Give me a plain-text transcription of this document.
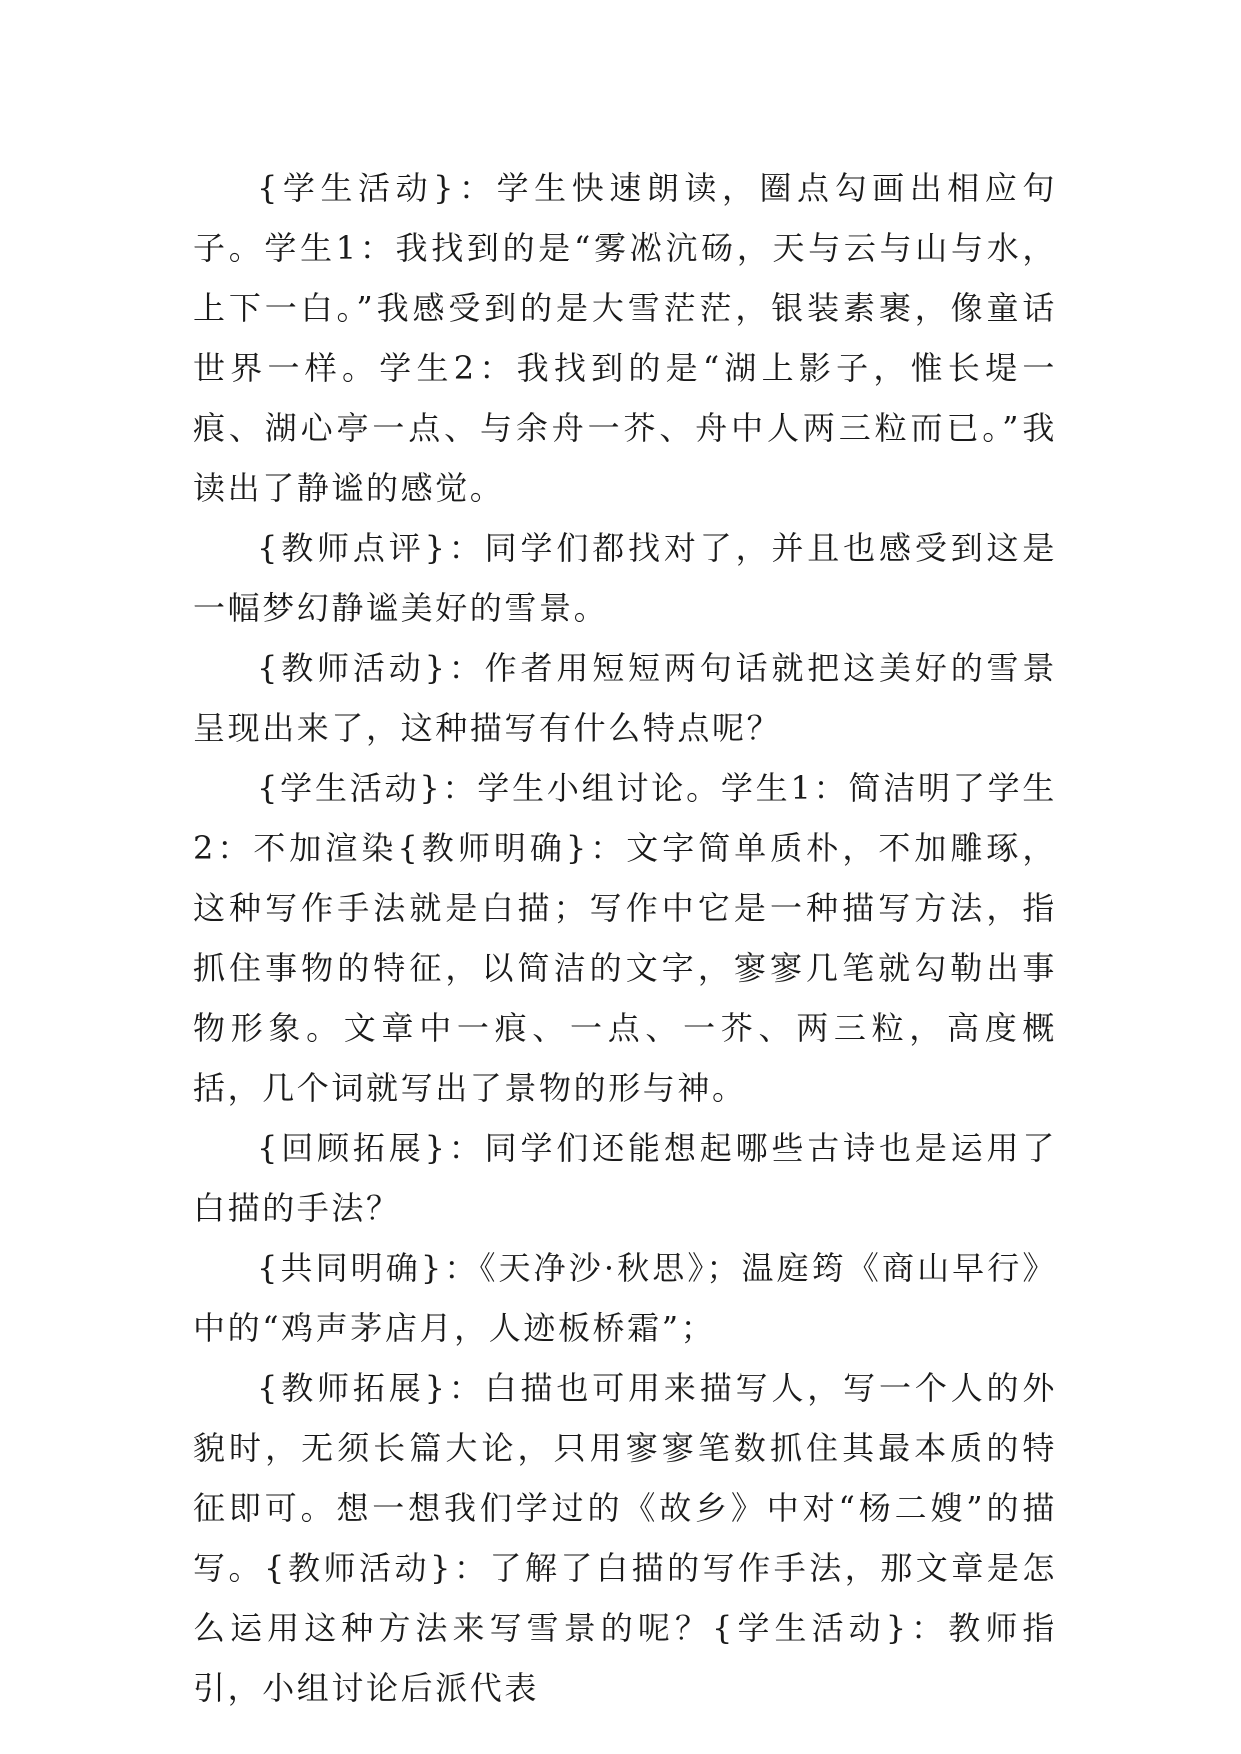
{学生活动}：学生快速朗读，圈点勾画出相应句子。学生1：我找到的是“雾凇沆砀，天与云与山与水，上下一白。”我感受到的是大雪茫茫，银装素裹，像童话世界一样。学生2：我找到的是“湖上影子，惟长堤一痕、湖心亭一点、与余舟一芥、舟中人两三粒而已。”我读出了静谧的感觉。

{教师点评}：同学们都找对了，并且也感受到这是一幅梦幻静谧美好的雪景。

{教师活动}：作者用短短两句话就把这美好的雪景呈现出来了，这种描写有什么特点呢？

{学生活动}：学生小组讨论。学生1：简洁明了学生2：不加渲染{教师明确}：文字简单质朴，不加雕琢，这种写作手法就是白描；写作中它是一种描写方法，指抓住事物的特征，以简洁的文字，寥寥几笔就勾勒出事物形象。文章中一痕、一点、一芥、两三粒，高度概括，几个词就写出了景物的形与神。

{回顾拓展}：同学们还能想起哪些古诗也是运用了白描的手法？

{共同明确}：《天净沙·秋思》；温庭筠《商山早行》中的“鸡声茅店月，人迹板桥霜”；

{教师拓展}：白描也可用来描写人，写一个人的外貌时，无须长篇大论，只用寥寥笔数抓住其最本质的特征即可。想一想我们学过的《故乡》中对“杨二嫂”的描写。{教师活动}：了解了白描的写作手法，那文章是怎么运用这种方法来写雪景的呢？{学生活动}：教师指引，小组讨论后派代表
